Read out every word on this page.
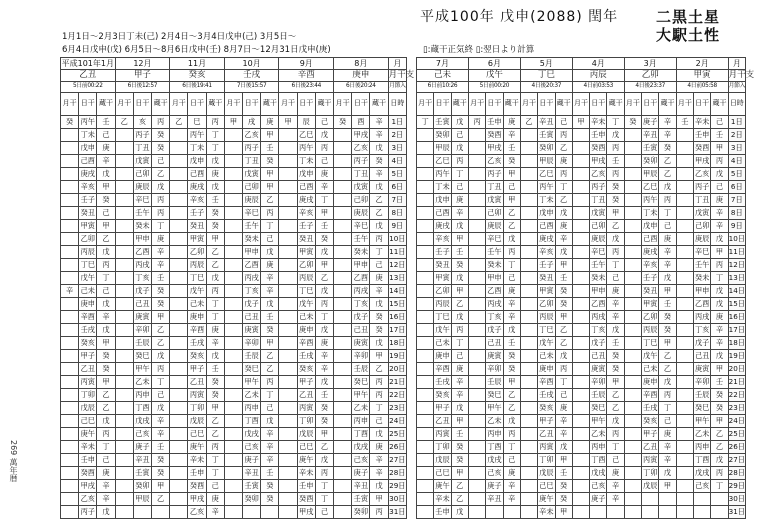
平成100年 戊申(2088) 閏年	二黒土星
大駅土性
1月1日～2月3日丁未(己) 2月4日～3月4日戊申(己) 3月5日～
6月4日戊申(戊) 6月5日～8月6日戊申(壬) 8月7日～12月31日戊申(庚)	▯:蔵干正気終 ▯:翌日より計算
269 萬年暦
平成101年1月			12月			11月			10月			9月			8月			月
乙丑			甲子			癸亥			壬戌			辛酉			庚申			月干支
5日前00:22			6日後12:57			6日後19:41			7日後15:57			6日後23:44			6日後20:24			月節入
月干	日干	蔵干	月干	日干	蔵干	月干	日干	蔵干	月干	日干	蔵干	月干	日干	蔵干	月干	日干	蔵干	日時
癸	丙午	壬	乙	亥	丙	乙	巳	丙	甲	戌	庚	甲	辰	己	癸	酉	辛	1日
	丁未	己		丙子	癸		丙午	丁		乙亥	甲		乙巳	戊		甲戌	辛	2日
	戊申	庚		丁丑	癸		丁未	丁		丙子	壬		丙午	丙		乙亥	戊	3日
	己酉	辛		戊寅	己		戊申	戊		丁丑	癸		丁未	己		丙子	癸	4日
	庚戌	戊		己卯	乙		己酉	庚		戊寅	甲		戊申	庚		丁丑	辛	5日
	辛亥	甲		庚辰	戊		庚戌	戊		己卯	甲		己酉	辛		戊寅	戊	6日
	壬子	癸		辛巳	丙		辛亥	壬		庚辰	乙		庚戌	丁		己卯	乙	7日
	癸丑	己		壬午	丙		壬子	癸		辛巳	丙		辛亥	甲		庚辰	乙	8日
	甲寅	甲		癸未	丁		癸丑	癸		壬午	丁		壬子	壬		辛巳	戊	9日
	乙卯	乙		甲申	庚		甲寅	甲		癸未	己		癸丑	癸		壬午	丙	10日
	丙辰	戊		乙酉	辛		乙卯	乙		甲申	戊		甲寅	戊		癸未	丁	11日
	丁巳	丙		丙戌	辛		丙辰	乙		乙酉	庚		乙卯	甲		甲申	己	12日
	戊午	丁		丁亥	壬		丁巳	戊		丙戌	辛		丙辰	乙		乙酉	庚	13日
辛	己未	己		戊子	癸		戊午	丙		丁亥	辛		丁巳	戊		丙戌	辛	14日
	庚申	戊		己丑	癸		己未	丁		戊子	戊		戊午	丙		丁亥	戊	15日
	辛酉	辛		庚寅	甲		庚申	丁		己丑	壬		己未	丁		戊子	癸	16日
	壬戌	戊		辛卯	乙		辛酉	庚		庚寅	癸		庚申	戊		己丑	癸	17日
	癸亥	甲		壬辰	乙		壬戌	辛		辛卯	甲		辛酉	庚		庚寅	戊	18日
	甲子	癸		癸巳	戊		癸亥	戊		壬辰	乙		壬戌	辛		辛卯	甲	19日
	乙丑	癸		甲午	丙		甲子	壬		癸巳	乙		癸亥	辛		壬辰	乙	20日
	丙寅	甲		乙未	丁		乙丑	癸		甲午	丙		甲子	戊		癸巳	丙	21日
	丁卯	乙		丙申	己		丙寅	癸		乙未	丁		乙丑	壬		甲午	丙	22日
	戊辰	乙		丁酉	戊		丁卯	甲		丙申	己		丙寅	癸		乙未	丁	23日
	己巳	戊		戊戌	辛		戊辰	乙		丁酉	戊		丁卯	癸		丙申	己	24日
	庚午	丙		己亥	辛		己巳	乙		戊戌	辛		戊辰	甲		丁酉	戊	25日
	辛未	丁		庚子	壬		庚午	丙		己亥	辛		己巳	乙		戊戌	庚	26日
	壬申	己		辛丑	癸		辛未	丁		庚子	辛		庚午	戊		己亥	辛	27日
	癸酉	庚		壬寅	癸		壬申	丁		辛丑	壬		辛未	丙		庚子	辛	28日
	甲戌	辛		癸卯	甲		癸酉	己		壬寅	癸		壬申	丁		辛丑	戊	29日
	乙亥	辛		甲辰	乙		甲戌	庚		癸卯	癸		癸酉	丁		壬寅	甲	30日
	丙子	戊					乙亥	辛					甲戌	己		癸卯	丙	31日
7月			6月			5月			4月			3月			2月			月
己未			戊午			丁巳			丙辰			乙卯			甲寅			月干支
6日前10:26			5日前00:20			4日後20:37			4日前03:53			4日後23:37			4日前05:58			月節入
月干	日干	蔵干	月干	日干	蔵干	月干	日干	蔵干	月干	日干	蔵干	月干	日干	蔵干	月干	日干	蔵干	日時
丁	壬寅	戊	丙	壬申	庚	乙	辛丑	己	甲	辛未	丁	癸	庚子	辛	壬	辛未	己	1日
	癸卯	己		癸酉	辛		壬寅	丙		壬申	戊		辛丑	辛		壬申	壬	2日
	甲辰	戊		甲戌	壬		癸卯	乙		癸酉	丙		壬寅	癸		癸酉	甲	3日
	乙巳	丙		乙亥	癸		甲辰	庚		甲戌	壬		癸卯	乙		甲戌	丙	4日
	丙午	丁		丙子	甲		乙巳	丙		乙亥	丙		甲辰	乙		乙亥	戊	5日
	丁未	己		丁丑	己		丙午	丁		丙子	癸		乙巳	戊		丙子	己	6日
	戊申	庚		戊寅	甲		丁未	乙		丁丑	癸		丙午	丙		丁丑	庚	7日
	己酉	辛		己卯	乙		戊申	戊		戊寅	甲		丁未	丁		戊寅	辛	8日
	庚戌	戊		庚辰	乙		己酉	庚		己卯	乙		戊申	己		己卯	辛	9日
	辛亥	甲		辛巳	戊		庚戌	辛		庚辰	戊		己酉	庚		庚辰	戊	10日
	壬子	壬		壬午	丙		辛亥	戊		辛巳	丙		庚戌	辛		辛巳	甲	11日
	癸丑	癸		癸未	丁		壬子	甲		壬午	丁		辛亥	辛		壬午	丙	12日
	甲寅	戊		甲申	己		癸丑	壬		癸未	己		壬子	戊		癸未	丁	13日
	乙卯	甲		乙酉	庚		甲寅	癸		甲申	庚		癸丑	甲		甲申	戊	14日
	丙辰	乙		丙戌	辛		乙卯	癸		乙酉	辛		甲寅	壬		乙酉	戊	15日
	丁巳	戊		丁亥	辛		丙辰	甲		丙戌	辛		乙卯	癸		丙戌	庚	16日
	戊午	丙		戊子	戊		丁巳	乙		丁亥	戊		丙辰	癸		丁亥	辛	17日
	己未	丁		己丑	壬		戊午	乙		戊子	壬		丁巳	甲		戊子	辛	18日
	庚申	己		庚寅	癸		己未	戊		己丑	癸		戊午	乙		己丑	戊	19日
	辛酉	庚		辛卯	癸		庚申	丙		庚寅	癸		己未	乙		庚寅	甲	20日
	壬戌	辛		壬辰	甲		辛酉	丁		辛卯	甲		庚申	戊		辛卯	壬	21日
	癸亥	辛		癸巳	乙		壬戌	己		壬辰	乙		辛酉	丙		壬辰	癸	22日
	甲子	戊		甲午	乙		癸亥	庚		癸巳	乙		壬戌	丁		癸巳	癸	23日
	乙丑	甲		乙未	戊		甲子	辛		甲午	戊		癸亥	己		甲午	甲	24日
	丙寅	壬		丙申	丙		乙丑	辛		乙未	丙		甲子	庚		乙未	乙	25日
	丁卯	癸		丁酉	丁		丙寅	戊		丙申	丁		乙丑	辛		丙申	乙	26日
	戊辰	癸		戊戌	己		丁卯	甲		丁酉	己		丙寅	辛		丁酉	戊	27日
	己巳	甲		己亥	庚		戊辰	壬		戊戌	庚		丁卯	戊		戊戌	丙	28日
	庚午	乙		庚子	辛		己巳	癸		己亥	辛		戊辰	甲		己亥	丁	29日
	辛未	乙		辛丑	辛		庚午	癸		庚子	辛							30日
	壬申	戊					辛未	甲										31日
